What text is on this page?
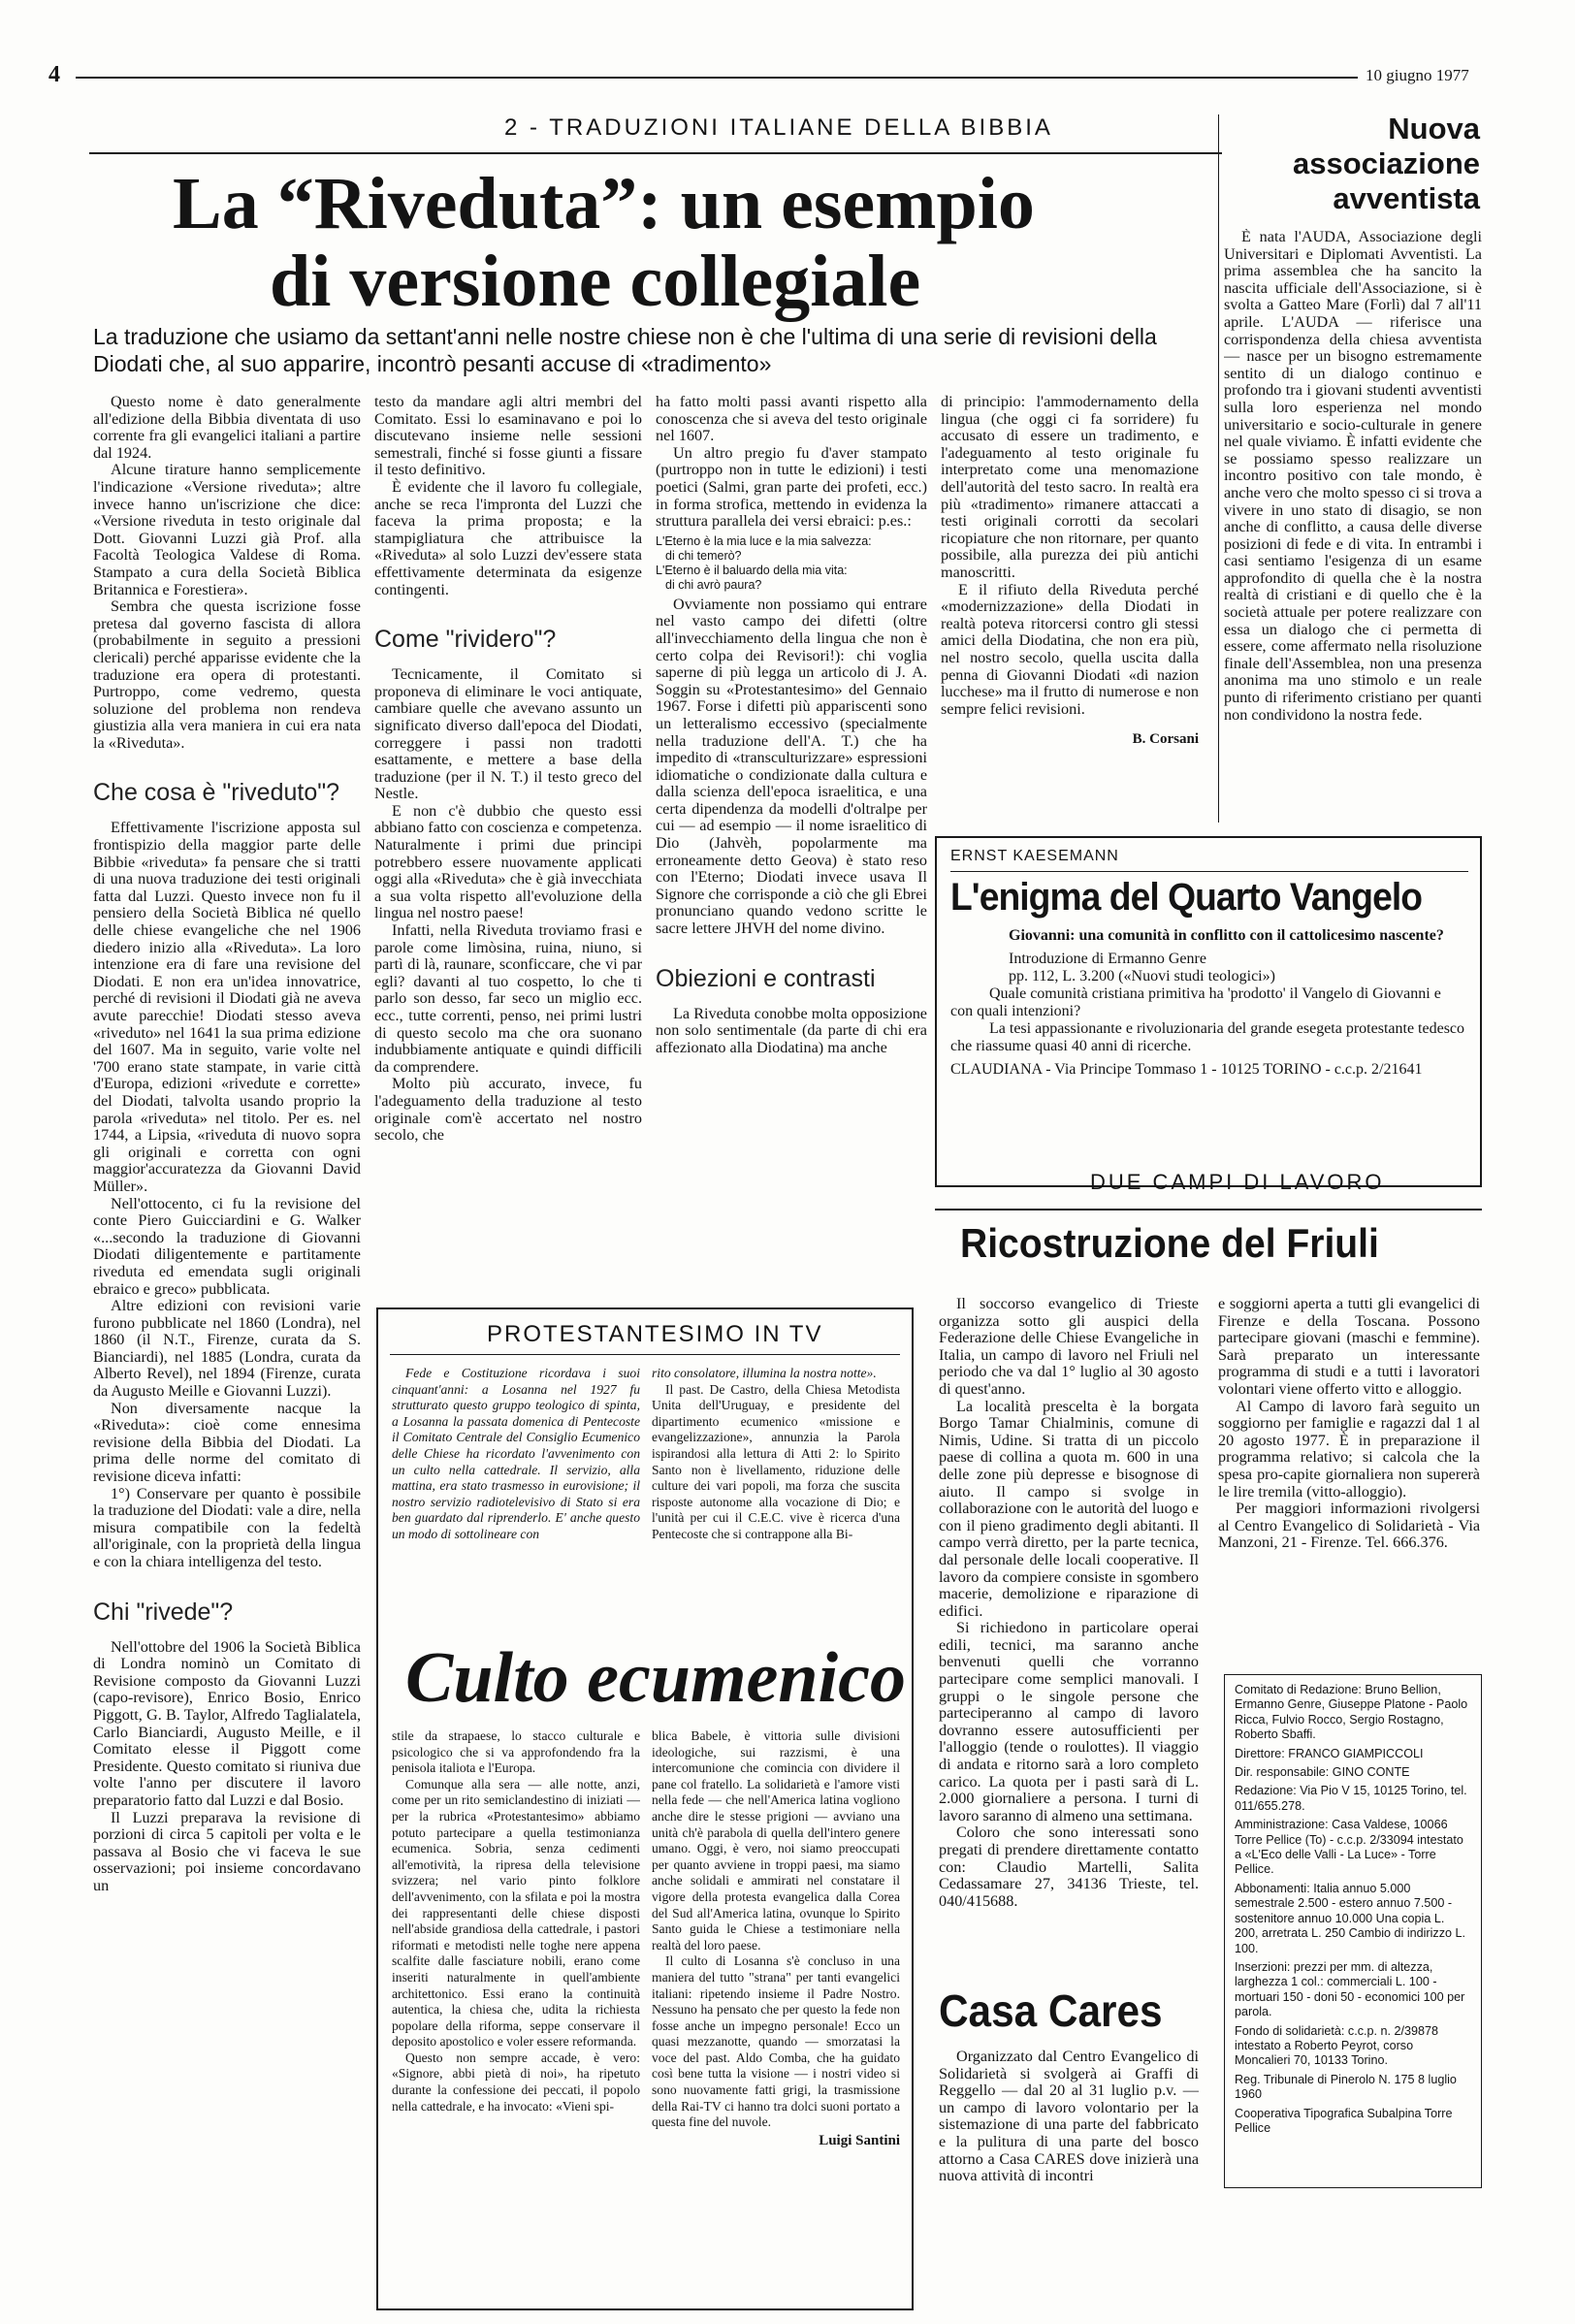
4	10 giugno 1977
2 - TRADUZIONI ITALIANE DELLA BIBBIA
La “Riveduta”: un esempio
di versione collegiale
La traduzione che usiamo da settant'anni nelle nostre chiese non è che l'ultima di una serie di revisioni della Diodati che, al suo apparire, incontrò pesanti accuse di «tradimento»

Questo nome è dato generalmente all'edizione della Bibbia diventata di uso corrente fra gli evangelici italiani a partire dal 1924.

Alcune tirature hanno semplicemente l'indicazione «Versione riveduta»; altre invece hanno un'iscrizione che dice: «Versione riveduta in testo originale dal Dott. Giovanni Luzzi già Prof. alla Facoltà Teologica Valdese di Roma. Stampato a cura della Società Biblica Britannica e Forestiera».

Sembra che questa iscrizione fosse pretesa dal governo fascista di allora (probabilmente in seguito a pressioni clericali) perché apparisse evidente che la traduzione era opera di protestanti. Purtroppo, come vedremo, questa soluzione del problema non rendeva giustizia alla vera maniera in cui era nata la «Riveduta».

Che cosa è "riveduto"?

Effettivamente l'iscrizione apposta sul frontispizio della maggior parte delle Bibbie «riveduta» fa pensare che si tratti di una nuova traduzione dei testi originali fatta dal Luzzi. Questo invece non fu il pensiero della Società Biblica né quello delle chiese evangeliche che nel 1906 diedero inizio alla «Riveduta». La loro intenzione era di fare una revisione del Diodati. E non era un'idea innovatrice, perché di revisioni il Diodati già ne aveva avute parecchie! Diodati stesso aveva «riveduto» nel 1641 la sua prima edizione del 1607. Ma in seguito, varie volte nel '700 erano state stampate, in varie città d'Europa, edizioni «rivedute e corrette» del Diodati, talvolta usando proprio la parola «riveduta» nel titolo. Per es. nel 1744, a Lipsia, «riveduta di nuovo sopra gli originali e corretta con ogni maggior'accuratezza da Giovanni David Müller».

Nell'ottocento, ci fu la revisione del conte Piero Guicciardini e G. Walker «...secondo la traduzione di Giovanni Diodati diligentemente e partitamente riveduta ed emendata sugli originali ebraico e greco» pubblicata.

Altre edizioni con revisioni varie furono pubblicate nel 1860 (Londra), nel 1860 (il N.T., Firenze, curata da S. Bianciardi), nel 1885 (Londra, curata da Alberto Revel), nel 1894 (Firenze, curata da Augusto Meille e Giovanni Luzzi).

Non diversamente nacque la «Riveduta»: cioè come ennesima revisione della Bibbia del Diodati. La prima delle norme del comitato di revisione diceva infatti:

1°) Conservare per quanto è possibile la traduzione del Diodati: vale a dire, nella misura compatibile con la fedeltà all'originale, con la proprietà della lingua e con la chiara intelligenza del testo.

Chi "rivede"?

Nell'ottobre del 1906 la Società Biblica di Londra nominò un Comitato di Revisione composto da Giovanni Luzzi (capo-revisore), Enrico Bosio, Enrico Piggott, G. B. Taylor, Alfredo Taglialatela, Carlo Bianciardi, Augusto Meille, e il Comitato elesse il Piggott come Presidente. Questo comitato si riuniva due volte l'anno per discutere il lavoro preparatorio fatto dal Luzzi e dal Bosio.

Il Luzzi preparava la revisione di porzioni di circa 5 capitoli per volta e le passava al Bosio che vi faceva le sue osservazioni; poi insieme concordavano un

testo da mandare agli altri membri del Comitato. Essi lo esaminavano e poi lo discutevano insieme nelle sessioni semestrali, finché si fosse giunti a fissare il testo definitivo.

È evidente che il lavoro fu collegiale, anche se reca l'impronta del Luzzi che faceva la prima proposta; e la stampigliatura che attribuisce la «Riveduta» al solo Luzzi dev'essere stata effettivamente determinata da esigenze contingenti.

Come "rividero"?

Tecnicamente, il Comitato si proponeva di eliminare le voci antiquate, cambiare quelle che avevano assunto un significato diverso dall'epoca del Diodati, correggere i passi non tradotti esattamente, e mettere a base della traduzione (per il N. T.) il testo greco del Nestle.

E non c'è dubbio che questo essi abbiano fatto con coscienza e competenza. Naturalmente i primi due principi potrebbero essere nuovamente applicati oggi alla «Riveduta» che è già invecchiata a sua volta rispetto all'evoluzione della lingua nel nostro paese!

Infatti, nella Riveduta troviamo frasi e parole come limòsina, ruina, niuno, si partì di là, raunare, sconficcare, che vi par egli? davanti al tuo cospetto, lo che ti parlo son desso, far seco un miglio ecc. ecc., tutte correnti, penso, nei primi lustri di questo secolo ma che ora suonano indubbiamente antiquate e quindi difficili da comprendere.

Molto più accurato, invece, fu l'adeguamento della traduzione al testo originale com'è accertato nel nostro secolo, che

ha fatto molti passi avanti rispetto alla conoscenza che si aveva del testo originale nel 1607.

Un altro pregio fu d'aver stampato (purtroppo non in tutte le edizioni) i testi poetici (Salmi, gran parte dei profeti, ecc.) in forma strofica, mettendo in evidenza la struttura parallela dei versi ebraici: p.es.:

L'Eterno è la mia luce e la mia salvezza:
di chi temerò?
L'Eterno è il baluardo della mia vita:
di chi avrò paura?

Ovviamente non possiamo qui entrare nel vasto campo dei difetti (oltre all'invecchiamento della lingua che non è certo colpa dei Revisori!): chi voglia saperne di più legga un articolo di J. A. Soggin su «Protestantesimo» del Gennaio 1967. Forse i difetti più appariscenti sono un letteralismo eccessivo (specialmente nella traduzione dell'A. T.) che ha impedito di «transculturizzare» espressioni idiomatiche o condizionate dalla cultura e dalla scienza dell'epoca israelitica, e una certa dipendenza da modelli d'oltralpe per cui — ad esempio — il nome israelitico di Dio (Jahvèh, popolarmente ma erroneamente detto Geova) è stato reso con l'Eterno; Diodati invece usava Il Signore che corrisponde a ciò che gli Ebrei pronunciano quando vedono scritte le sacre lettere JHVH del nome divino.

Obiezioni e contrasti

La Riveduta conobbe molta opposizione non solo sentimentale (da parte di chi era affezionato alla Diodatina) ma anche

di principio: l'ammodernamento della lingua (che oggi ci fa sorridere) fu accusato di essere un tradimento, e l'adeguamento al testo originale fu interpretato come una menomazione dell'autorità del testo sacro. In realtà era più «tradimento» rimanere attaccati a testi originali corrotti da secolari ricopiature che non ritornare, per quanto possibile, alla purezza dei più antichi manoscritti.

E il rifiuto della Riveduta perché «modernizzazione» della Diodati in realtà poteva ritorcersi contro gli stessi amici della Diodatina, che non era più, nel nostro secolo, quella uscita dalla penna di Giovanni Diodati «di nazion lucchese» ma il frutto di numerose e non sempre felici revisioni.

B. Corsani

Nuova
associazione
avventista

È nata l'AUDA, Associazione degli Universitari e Diplomati Avventisti. La prima assemblea che ha sancito la nascita ufficiale dell'Associazione, si è svolta a Gatteo Mare (Forlì) dal 7 all'11 aprile. L'AUDA — riferisce una corrispondenza della chiesa avventista — nasce per un bisogno estremamente sentito di un dialogo continuo e profondo tra i giovani studenti avventisti sulla loro esperienza nel mondo universitario e socio-culturale in genere nel quale viviamo. È infatti evidente che se possiamo spesso realizzare un incontro positivo con tale mondo, è anche vero che molto spesso ci si trova a vivere in uno stato di disagio, se non anche di conflitto, a causa delle diverse posizioni di fede e di vita. In entrambi i casi sentiamo l'esigenza di un esame approfondito di quella che è la nostra realtà di cristiani e di quello che è la società attuale per potere realizzare con essa un dialogo che ci permetta di essere, come affermato nella risoluzione finale dell'Assemblea, non una presenza anonima ma uno stimolo e un reale punto di riferimento cristiano per quanti non condividono la nostra fede.

ERNST KAESEMANN
L'enigma del Quarto Vangelo
Giovanni: una comunità in conflitto con il cattolicesimo nascente?
Introduzione di Ermanno Genre
pp. 112, L. 3.200 («Nuovi studi teologici»)
Quale comunità cristiana primitiva ha 'prodotto' il Vangelo di Giovanni e con quali intenzioni?
La tesi appassionante e rivoluzionaria del grande esegeta protestante tedesco che riassume quasi 40 anni di ricerche.
CLAUDIANA - Via Principe Tommaso 1 - 10125 TORINO - c.c.p. 2/21641
DUE CAMPI DI LAVORO
Ricostruzione del Friuli

Il soccorso evangelico di Trieste organizza sotto gli auspici della Federazione delle Chiese Evangeliche in Italia, un campo di lavoro nel Friuli nel periodo che va dal 1° luglio al 30 agosto di quest'anno.

La località prescelta è la borgata Borgo Tamar Chialminis, comune di Nimis, Udine. Si tratta di un piccolo paese di collina a quota m. 600 in una delle zone più depresse e bisognose di aiuto. Il campo si svolge in collaborazione con le autorità del luogo e con il pieno gradimento degli abitanti. Il campo verrà diretto, per la parte tecnica, dal personale delle locali cooperative. Il lavoro da compiere consiste in sgombero macerie, demolizione e riparazione di edifici.

Si richiedono in particolare operai edili, tecnici, ma saranno anche benvenuti quelli che vorranno partecipare come semplici manovali. I gruppi o le singole persone che parteciperanno al campo di lavoro dovranno essere autosufficienti per l'alloggio (tende o roulottes). Il viaggio di andata e ritorno sarà a loro completo carico. La quota per i pasti sarà di L. 2.000 giornaliere a persona. I turni di lavoro saranno di almeno una settimana.

Coloro che sono interessati sono pregati di prendere direttamente contatto con: Claudio Martelli, Salita Cedassamare 27, 34136 Trieste, tel. 040/415688.

e soggiorni aperta a tutti gli evangelici di Firenze e della Toscana. Possono partecipare giovani (maschi e femmine). Sarà preparato un interessante programma di studi e a tutti i lavoratori volontari viene offerto vitto e alloggio.

Al Campo di lavoro farà seguito un soggiorno per famiglie e ragazzi dal 1 al 20 agosto 1977. È in preparazione il programma relativo; si calcola che la spesa pro-capite giornaliera non supererà le lire tremila (vitto-alloggio).

Per maggiori informazioni rivolgersi al Centro Evangelico di Solidarietà - Via Manzoni, 21 - Firenze. Tel. 666.376.

Casa Cares

Organizzato dal Centro Evangelico di Solidarietà si svolgerà ai Graffi di Reggello — dal 20 al 31 luglio p.v. — un campo di lavoro volontario per la sistemazione di una parte del fabbricato e la pulitura di una parte del bosco attorno a Casa CARES dove inizierà una nuova attività di incontri

Comitato di Redazione: Bruno Bellion, Ermanno Genre, Giuseppe Platone - Paolo Ricca, Fulvio Rocco, Sergio Rostagno, Roberto Sbaffi.

Direttore: FRANCO GIAMPICCOLI

Dir. responsabile: GINO CONTE

Redazione: Via Pio V 15, 10125 Torino, tel. 011/655.278.

Amministrazione: Casa Valdese, 10066 Torre Pellice (To) - c.c.p. 2/33094 intestato a «L'Eco delle Valli - La Luce» - Torre Pellice.

Abbonamenti: Italia annuo 5.000 semestrale 2.500 - estero annuo 7.500 - sostenitore annuo 10.000 Una copia L. 200, arretrata L. 250 Cambio di indirizzo L. 100.

Inserzioni: prezzi per mm. di altezza, larghezza 1 col.: commerciali L. 100 - mortuari 150 - doni 50 - economici 100 per parola.

Fondo di solidarietà: c.c.p. n. 2/39878 intestato a Roberto Peyrot, corso Moncalieri 70, 10133 Torino.

Reg. Tribunale di Pinerolo N. 175 8 luglio 1960

Cooperativa Tipografica Subalpina Torre Pellice

PROTESTANTESIMO IN TV

Fede e Costituzione ricordava i suoi cinquant'anni: a Losanna nel 1927 fu strutturato questo gruppo teologico di spinta, a Losanna la passata domenica di Pentecoste il Comitato Centrale del Consiglio Ecumenico delle Chiese ha ricordato l'avvenimento con un culto nella cattedrale. Il servizio, alla mattina, era stato trasmesso in eurovisione; il nostro servizio radiotelevisivo di Stato si era ben guardato dal riprenderlo. E' anche questo un modo di sottolineare con

rito consolatore, illumina la nostra notte».

Il past. De Castro, della Chiesa Metodista Unita dell'Uruguay, e presidente del dipartimento ecumenico «missione e evangelizzazione», annunzia la Parola ispirandosi alla lettura di Atti 2: lo Spirito Santo non è livellamento, riduzione delle culture dei vari popoli, ma forza che suscita risposte autonome alla vocazione di Dio; e l'unità per cui il C.E.C. vive è ricerca d'una Pentecoste che si contrappone alla Bi-

Culto ecumenico

stile da strapaese, lo stacco culturale e psicologico che si va approfondendo fra la penisola italiota e l'Europa.

Comunque alla sera — alle notte, anzi, come per un rito semiclandestino di iniziati — per la rubrica «Protestantesimo» abbiamo potuto partecipare a quella testimonianza ecumenica. Sobria, senza cedimenti all'emotività, la ripresa della televisione svizzera; nel vario pinto folklore dell'avvenimento, con la sfilata e poi la mostra dei rappresentanti delle chiese disposti nell'abside grandiosa della cattedrale, i pastori riformati e metodisti nelle toghe nere appena scalfite dalle fasciature nobili, erano come inseriti naturalmente in quell'ambiente architettonico. Essi erano la continuità autentica, la chiesa che, udita la richiesta popolare della riforma, seppe conservare il deposito apostolico e voler essere reformanda.

Questo non sempre accade, è vero: «Signore, abbi pietà di noi», ha ripetuto durante la confessione dei peccati, il popolo nella cattedrale, e ha invocato: «Vieni spi-

blica Babele, è vittoria sulle divisioni ideologiche, sui razzismi, è una intercomunione che comincia con dividere il pane col fratello. La solidarietà e l'amore visti nella fede — che nell'America latina vogliono anche dire le stesse prigioni — avviano una unità ch'è parabola di quella dell'intero genere umano. Oggi, è vero, noi siamo preoccupati per quanto avviene in troppi paesi, ma siamo anche solidali e ammirati nel constatare il vigore della protesta evangelica dalla Corea del Sud all'America latina, ovunque lo Spirito Santo guida le Chiese a testimoniare nella realtà del loro paese.

Il culto di Losanna s'è concluso in una maniera del tutto "strana" per tanti evangelici italiani: ripetendo insieme il Padre Nostro. Nessuno ha pensato che per questo la fede non fosse anche un impegno personale! Ecco un quasi mezzanotte, quando — smorzatasi la voce del past. Aldo Comba, che ha guidato così bene tutta la visione — i nostri video si sono nuovamente fatti grigi, la trasmissione della Rai-TV ci hanno tra dolci suoni portato a questa fine del nuvole.

Luigi Santini
